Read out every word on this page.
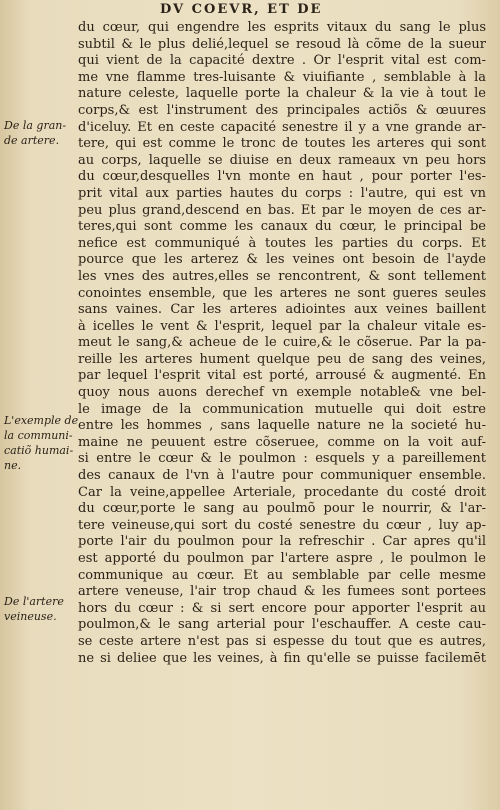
DV COEVR, ET DE
De la gran-
de artere.
L'exemple de
la communi-
catiõ humai-
ne.
De l'artere
veineuse.
du cœur, qui engendre les esprits vitaux du sang le plus
subtil & le plus delié,lequel se resoud là cõme de la sueur
qui vient de la capacité dextre . Or l'esprit vital est com-
me vne flamme tres-luisante & viuifiante , semblable à la
nature celeste, laquelle porte la chaleur & la vie à tout le
corps,& est l'instrument des principales actiõs & œuures
d'iceluy. Et en ceste capacité senestre il y a vne grande ar-
tere, qui est comme le tronc de toutes les arteres qui sont
au corps, laquelle se diuise en deux rameaux vn peu hors
du cœur,desquelles l'vn monte en haut , pour porter l'es-
prit vital aux parties hautes du corps : l'autre, qui est vn
peu plus grand,descend en bas. Et par le moyen de ces ar-
teres,qui sont comme les canaux du cœur, le principal be
nefice est communiqué à toutes les parties du corps. Et
pource que les arterez & les veines ont besoin de l'ayde
les vnes des autres,elles se rencontrent, & sont tellement
conointes ensemble, que les arteres ne sont gueres seules
sans vaines. Car les arteres adiointes aux veines baillent
à icelles le vent & l'esprit, lequel par la chaleur vitale es-
meut le sang,& acheue de le cuire,& le cõserue. Par la pa-
reille les arteres hument quelque peu de sang des veines,
par lequel l'esprit vital est porté, arrousé & augmenté. En
quoy nous auons derechef vn exemple notable& vne bel-
le image de la communication mutuelle qui doit estre
entre les hommes , sans laquelle nature ne la societé hu-
maine ne peuuent estre cõseruee, comme on la voit auf-
si entre le cœur & le poulmon : esquels y a pareillement
des canaux de l'vn à l'autre pour communiquer ensemble.
Car la veine,appellee Arteriale, procedante du costé droit
du cœur,porte le sang au poulmõ pour le nourrir, & l'ar-
tere veineuse,qui sort du costé senestre du cœur , luy ap-
porte l'air du poulmon pour la refreschir . Car apres qu'il
est apporté du poulmon par l'artere aspre , le poulmon le
communique au cœur. Et au semblable par celle mesme
artere veneuse, l'air trop chaud & les fumees sont portees
hors du cœur : & si sert encore pour apporter l'esprit au
poulmon,& le sang arterial pour l'eschauffer. A ceste cau-
se ceste artere n'est pas si espesse du tout que es autres,
ne si deliee que les veines, à fin qu'elle se puisse facilemēt
